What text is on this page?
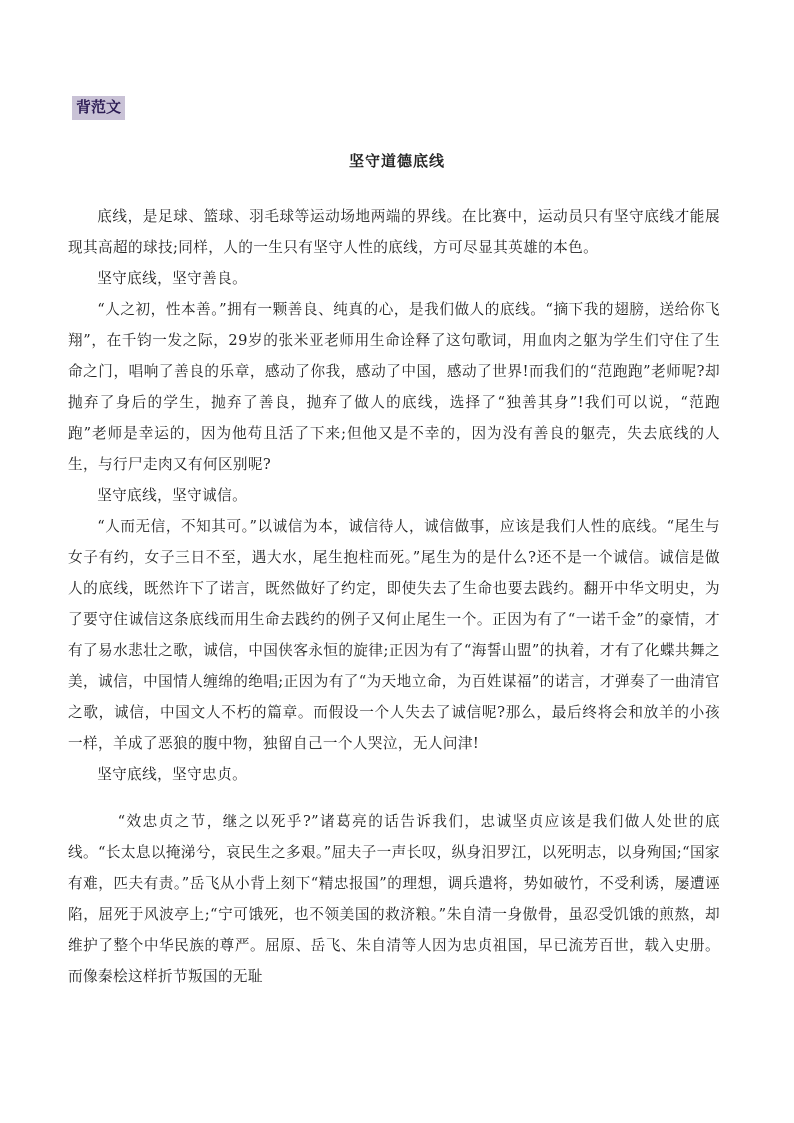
背范文
坚守道德底线

底线，是足球、篮球、羽毛球等运动场地两端的界线。在比赛中，运动员只有坚守底线才能展现其高超的球技;同样，人的一生只有坚守人性的底线，方可尽显其英雄的本色。

坚守底线，坚守善良。

“人之初，性本善。”拥有一颗善良、纯真的心，是我们做人的底线。“摘下我的翅膀，送给你飞翔”，在千钧一发之际，29岁的张米亚老师用生命诠释了这句歌词，用血肉之躯为学生们守住了生命之门，唱响了善良的乐章，感动了你我，感动了中国，感动了世界!而我们的“范跑跑”老师呢?却抛弃了身后的学生，抛弃了善良，抛弃了做人的底线，选择了“独善其身”!我们可以说，“范跑跑”老师是幸运的，因为他苟且活了下来;但他又是不幸的，因为没有善良的躯壳，失去底线的人生，与行尸走肉又有何区别呢?

坚守底线，坚守诚信。

“人而无信，不知其可。”以诚信为本，诚信待人，诚信做事，应该是我们人性的底线。“尾生与女子有约，女子三日不至，遇大水，尾生抱柱而死。”尾生为的是什么?还不是一个诚信。诚信是做人的底线，既然许下了诺言，既然做好了约定，即使失去了生命也要去践约。翻开中华文明史，为了要守住诚信这条底线而用生命去践约的例子又何止尾生一个。正因为有了“一诺千金”的豪情，才有了易水悲壮之歌，诚信，中国侠客永恒的旋律;正因为有了“海誓山盟”的执着，才有了化蝶共舞之美，诚信，中国情人缠绵的绝唱;正因为有了“为天地立命，为百姓谋福”的诺言，才弹奏了一曲清官之歌，诚信，中国文人不朽的篇章。而假设一个人失去了诚信呢?那么，最后终将会和放羊的小孩一样，羊成了恶狼的腹中物，独留自己一个人哭泣，无人问津!

坚守底线，坚守忠贞。

“效忠贞之节，继之以死乎?”诸葛亮的话告诉我们，忠诚坚贞应该是我们做人处世的底线。“长太息以掩涕兮，哀民生之多艰。”屈夫子一声长叹，纵身汨罗江，以死明志，以身殉国;“国家有难，匹夫有责。”岳飞从小背上刻下“精忠报国”的理想，调兵遣将，势如破竹，不受利诱，屡遭诬陷，屈死于风波亭上;“宁可饿死，也不领美国的救济粮。”朱自清一身傲骨，虽忍受饥饿的煎熬，却维护了整个中华民族的尊严。屈原、岳飞、朱自清等人因为忠贞祖国，早已流芳百世，载入史册。而像秦桧这样折节叛国的无耻
